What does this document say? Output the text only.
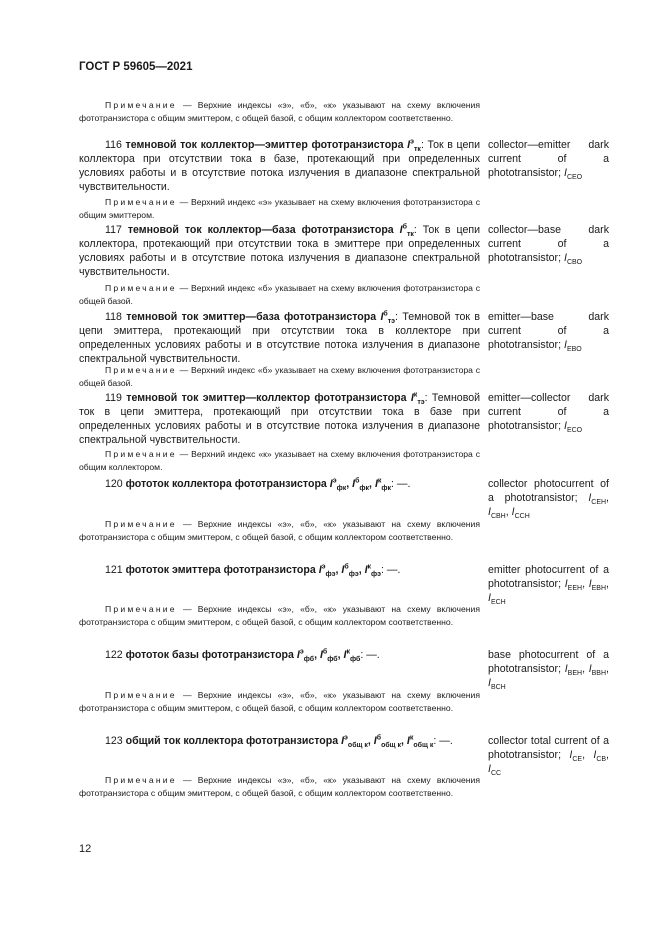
ГОСТ Р 59605—2021
Примечание — Верхние индексы «э», «б», «к» указывают на схему включения фототранзистора с общим эмиттером, с общей базой, с общим коллектором соответственно.
116 темновой ток коллектор—эмиттер фототранзистора $I^э_{тк}$: Ток в цепи коллектора при отсутствии тока в базе, протекающий при определенных условиях работы и в отсутствие потока излучения в диапазоне спектральной чувствительности.
collector—emitter dark current of a phototransistor; $I_{CEO}$
Примечание — Верхний индекс «э» указывает на схему включения фототранзистора с общим эмиттером.
117 темновой ток коллектор—база фототранзистора $I^б_{тк}$: Ток в цепи коллектора, протекающий при отсутствии тока в эмиттере при определенных условиях работы и в отсутствие потока излучения в диапазоне спектральной чувствительности.
collector—base dark current of a phototransistor; $I_{CBO}$
Примечание — Верхний индекс «б» указывает на схему включения фототранзистора с общей базой.
118 темновой ток эмиттер—база фототранзистора $I^б_{тэ}$: Темновой ток в цепи эмиттера, протекающий при отсутствии тока в коллекторе при определенных условиях работы и в отсутствие потока излучения в диапазоне спектральной чувствительности.
emitter—base dark current of a phototransistor; $I_{EBO}$
Примечание — Верхний индекс «б» указывает на схему включения фототранзистора с общей базой.
119 темновой ток эмиттер—коллектор фототранзистора $I^к_{тэ}$: Темновой ток в цепи эмиттера, протекающий при отсутствии тока в базе при определенных условиях работы и в отсутствие потока излучения в диапазоне спектральной чувствительности.
emitter—collector dark current of a phototransistor; $I_{ECO}$
Примечание — Верхний индекс «к» указывает на схему включения фототранзистора с общим коллектором.
120 фототок коллектора фототранзистора $I^э_{фк}$, $I^б_{фк}$, $I^к_{фк}$: —.	collector photocurrent of a phototransistor; $I_{CEH}$, $I_{CBH}$, $I_{CCH}$
Примечание — Верхние индексы «э», «б», «к» указывают на схему включения фототранзистора с общим эмиттером, с общей базой, с общим коллектором соответственно.
121 фототок эмиттера фототранзистора $I^э_{фэ}$, $I^б_{фэ}$, $I^к_{фэ}$: —.	emitter photocurrent of a phototransistor; $I_{EEH}$, $I_{EBH}$, $I_{ECH}$
Примечание — Верхние индексы «э», «б», «к» указывают на схему включения фототранзистора с общим эмиттером, с общей базой, с общим коллектором соответственно.
122 фототок базы фототранзистора $I^э_{фб}$, $I^б_{фб}$, $I^к_{фб}$: —.	base photocurrent of a phototransistor; $I_{BEH}$, $I_{BBH}$, $I_{BCH}$
Примечание — Верхние индексы «э», «б», «к» указывают на схему включения фототранзистора с общим эмиттером, с общей базой, с общим коллектором соответственно.
123 общий ток коллектора фототранзистора $I^э_{общ к}$, $I^б_{общ к}$, $I^к_{общ к}$: —.	collector total current of a phototransistor; $I_{CE}$, $I_{CB}$, $I_{CC}$
Примечание — Верхние индексы «э», «б», «к» указывают на схему включения фототранзистора с общим эмиттером, с общей базой, с общим коллектором соответственно.
12
